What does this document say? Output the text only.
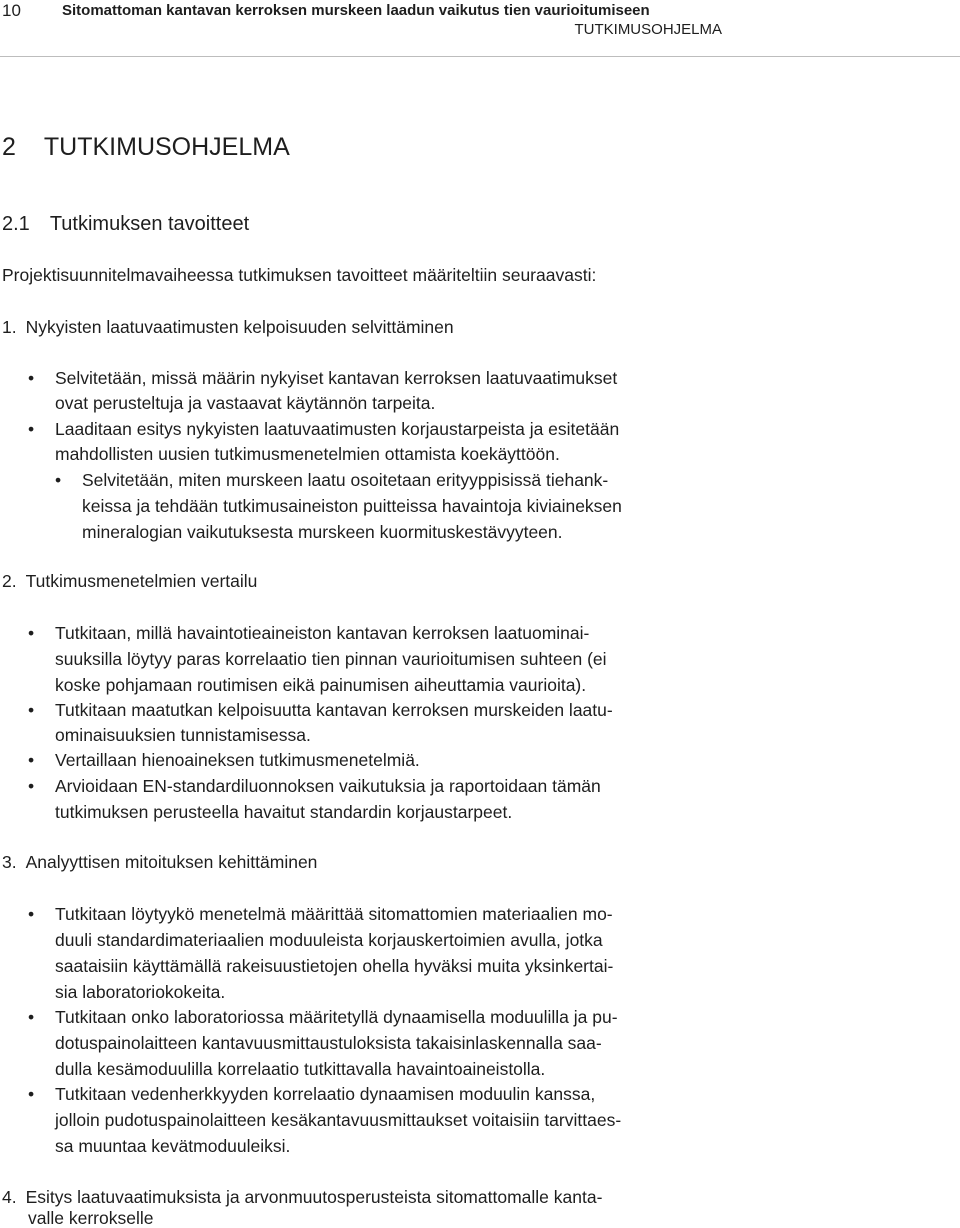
10	Sitomattoman kantavan kerroksen murskeen laadun vaikutus tien vaurioitumiseen
TUTKIMUSOHJELMA
2 TUTKIMUSOHJELMA
2.1 Tutkimuksen tavoitteet
Projektisuunnitelmavaiheessa tutkimuksen tavoitteet määriteltiin seuraavasti:
1. Nykyisten laatuvaatimusten kelpoisuuden selvittäminen
• Selvitetään, missä määrin nykyiset kantavan kerroksen laatuvaatimukset
ovat perusteltuja ja vastaavat käytännön tarpeita.
• Laaditaan esitys nykyisten laatuvaatimusten korjaustarpeista ja esitetään
mahdollisten uusien tutkimusmenetelmien ottamista koekäyttöön.
• Selvitetään, miten murskeen laatu osoitetaan erityyppisissä tiehank-
keissa ja tehdään tutkimusaineiston puitteissa havaintoja kiviaineksen
mineralogian vaikutuksesta murskeen kuormituskestävyyteen.
2. Tutkimusmenetelmien vertailu
• Tutkitaan, millä havaintotieaineiston kantavan kerroksen laatuominai-
suuksilla löytyy paras korrelaatio tien pinnan vaurioitumisen suhteen (ei
koske pohjamaan routimisen eikä painumisen aiheuttamia vaurioita).
• Tutkitaan maatutkan kelpoisuutta kantavan kerroksen murskeiden laatu-
ominaisuuksien tunnistamisessa.
• Vertaillaan hienoaineksen tutkimusmenetelmiä.
• Arvioidaan EN-standardiluonnoksen vaikutuksia ja raportoidaan tämän
tutkimuksen perusteella havaitut standardin korjaustarpeet.
3. Analyyttisen mitoituksen kehittäminen
• Tutkitaan löytyykö menetelmä määrittää sitomattomien materiaalien mo-
duuli standardimateriaalien moduuleista korjauskertoimien avulla, jotka
saataisiin käyttämällä rakeisuustietojen ohella hyväksi muita yksinkertai-
sia laboratoriokokeita.
• Tutkitaan onko laboratoriossa määritetyllä dynaamisella moduulilla ja pu-
dotuspainolaitteen kantavuusmittaustuloksista takaisinlaskennalla saa-
dulla kesämoduulilla korrelaatio tutkittavalla havaintoaineistolla.
• Tutkitaan vedenherkkyyden korrelaatio dynaamisen moduulin kanssa,
jolloin pudotuspainolaitteen kesäkantavuusmittaukset voitaisiin tarvittaes-
sa muuntaa kevätmoduuleiksi.
4. Esitys laatuvaatimuksista ja arvonmuutosperusteista sitomattomalle kanta-
valle kerrokselle
